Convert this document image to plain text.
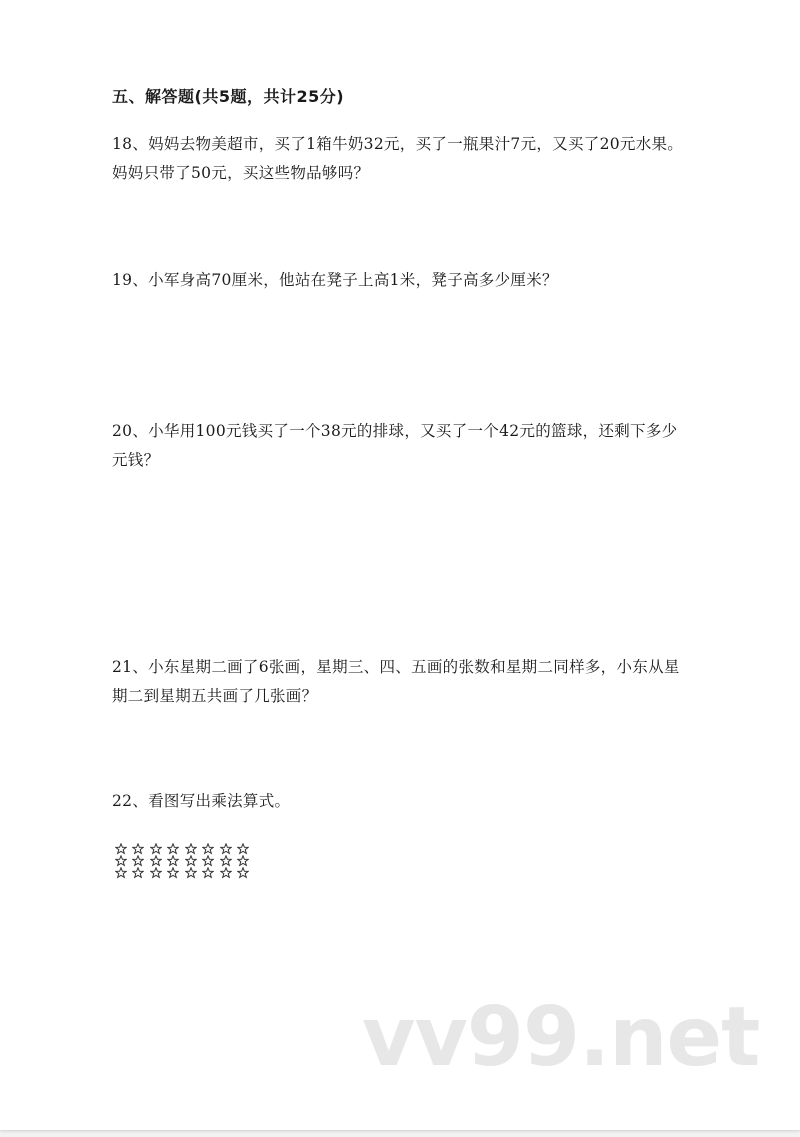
五、解答题(共5题，共计25分)
18、妈妈去物美超市，买了1箱牛奶32元，买了一瓶果汁7元，又买了20元水果。妈妈只带了50元，买这些物品够吗？
19、小军身高70厘米，他站在凳子上高1米，凳子高多少厘米？
20、小华用100元钱买了一个38元的排球，又买了一个42元的篮球，还剩下多少元钱？
21、小东星期二画了6张画，星期三、四、五画的张数和星期二同样多，小东从星期二到星期五共画了几张画？
22、看图写出乘法算式。
vv99.net
